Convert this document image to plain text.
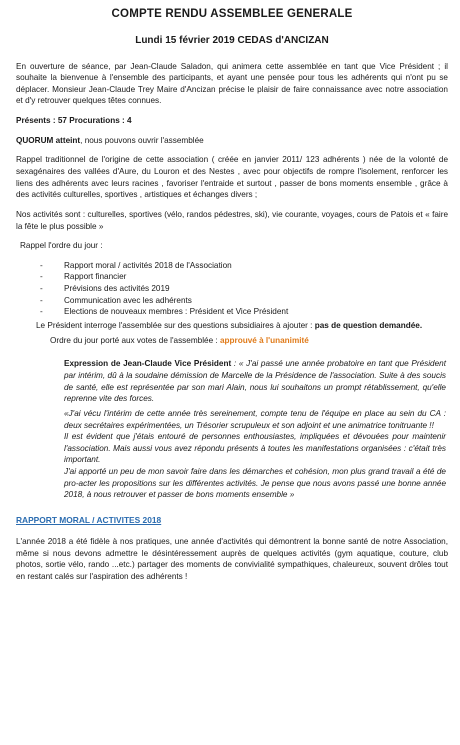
COMPTE RENDU ASSEMBLEE GENERALE
Lundi 15 février 2019 CEDAS d'ANCIZAN

En ouverture de séance, par Jean-Claude Saladon, qui animera cette assemblée en tant que Vice Président ; il souhaite la bienvenue à l'ensemble des participants, et ayant une pensée pour tous les adhérents qui n'ont pu se déplacer. Monsieur Jean-Claude Trey Maire d'Ancizan précise le plaisir de faire connaissance avec notre association et d'y retrouver quelques têtes connues.

Présents : 57 Procurations : 4

QUORUM atteint, nous pouvons ouvrir l'assemblée

Rappel traditionnel de l'origine de cette association ( créée en janvier 2011/ 123 adhérents ) née de la volonté de sexagénaires des vallées d'Aure, du Louron et des Nestes , avec pour objectifs de rompre l'isolement, renforcer les liens des adhérents avec leurs racines , favoriser l'entraide et surtout , passer de bons moments ensemble , grâce à des activités culturelles, sportives , artistiques et échanges divers ;

Nos activités sont : culturelles, sportives (vélo, randos pédestres, ski), vie courante, voyages, cours de Patois et « faire la fête le plus possible »

Rappel l'ordre du jour :

- Rapport moral / activités 2018 de l'Association
- Rapport financier
- Prévisions des activités 2019
- Communication avec les adhérents
- Elections de nouveaux membres : Président et Vice Président

Le Président interroge l'assemblée sur des questions subsidiaires à ajouter : pas de question demandée.

Ordre du jour porté aux votes de l'assemblée : approuvé à l'unanimité

Expression de Jean-Claude Vice Président : « J'ai passé une année probatoire en tant que Président par intérim, dû à la soudaine démission de Marcelle de la Présidence de l'association. Suite à des soucis de santé, elle est représentée par son mari Alain, nous lui souhaitons un prompt rétablissement, qu'elle reprenne vite des forces.

«J'ai vécu l'intérim de cette année très sereinement, compte tenu de l'équipe en place au sein du CA : deux secrétaires expérimentées, un Trésorier scrupuleux et son adjoint et une animatrice tonitruante !!

Il est évident que j'étais entouré de personnes enthousiastes, impliquées et dévouées pour maintenir l'association. Mais aussi vous avez répondu présents à toutes les manifestations organisées : c'était très important.

J'ai apporté un peu de mon savoir faire dans les démarches et cohésion, mon plus grand travail a été de pro-acter les propositions sur les différentes activités. Je pense que nous avons passé une bonne année 2018, à nous retrouver et passer de bons moments ensemble »

RAPPORT MORAL / ACTIVITES 2018

L'année 2018 a été fidèle à nos pratiques, une année d'activités qui démontrent la bonne santé de notre Association, même si nous devons admettre le désintéressement auprès de quelques activités (gym aquatique, couture, club photos, sortie vélo, rando ...etc.) partager des moments de convivialité sympathiques, chaleureux, souvent drôles tout en restant calés sur l'aspiration des adhérents !
